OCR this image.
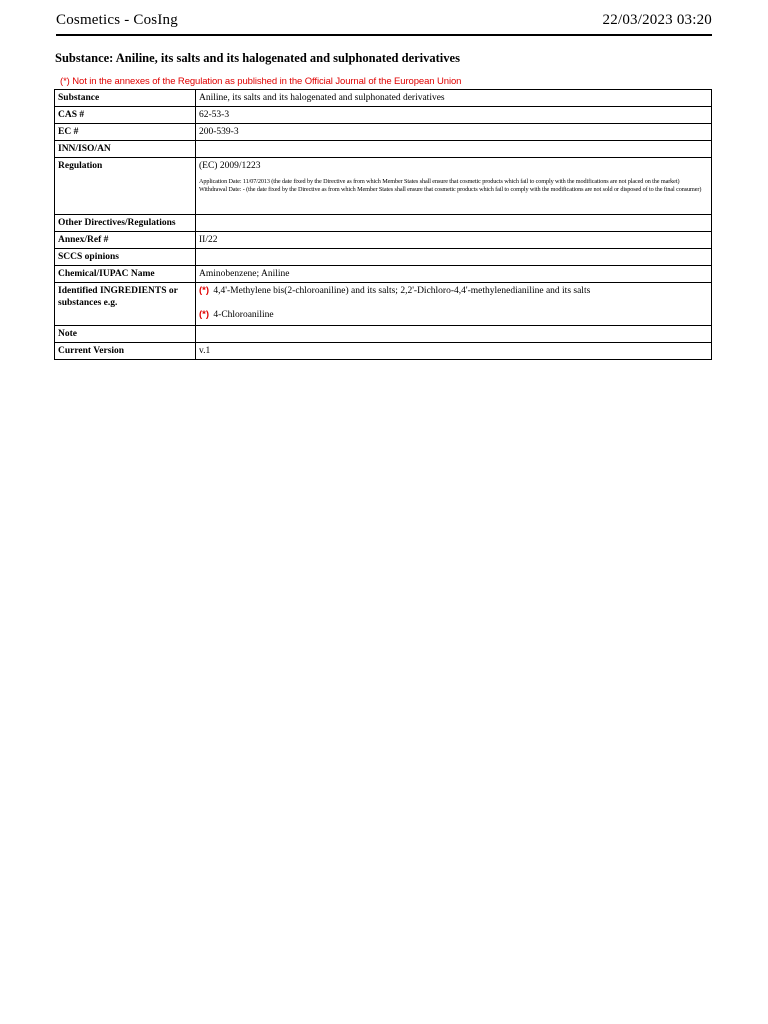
Cosmetics - CosIng	22/03/2023 03:20
Substance: Aniline, its salts and its halogenated and sulphonated derivatives
(*) Not in the annexes of the Regulation as published in the Official Journal of the European Union
Substance	Aniline, its salts and its halogenated and sulphonated derivatives
CAS #	62-53-3
EC #	200-539-3
INN/ISO/AN	
Regulation	(EC) 2009/1223
Application Date: 11/07/2013 (the date fixed by the Directive as from which Member States shall ensure that cosmetic products which fail to comply with the modifications are not placed on the market)
Withdrawal Date: - (the date fixed by the Directive as from which Member States shall ensure that cosmetic products which fail to comply with the modifications are not sold or disposed of to the final consumer)

Other Directives/Regulations	
Annex/Ref #	II/22
SCCS opinions	
Chemical/IUPAC Name	Aminobenzene; Aniline
Identified INGREDIENTS or substances e.g.	(*) 4,4'-Methylene bis(2-chloroaniline) and its salts; 2,2'-Dichloro-4,4'-methylenedianiline and its salts
(*) 4-Chloroaniline

Note	
Current Version	v.1
